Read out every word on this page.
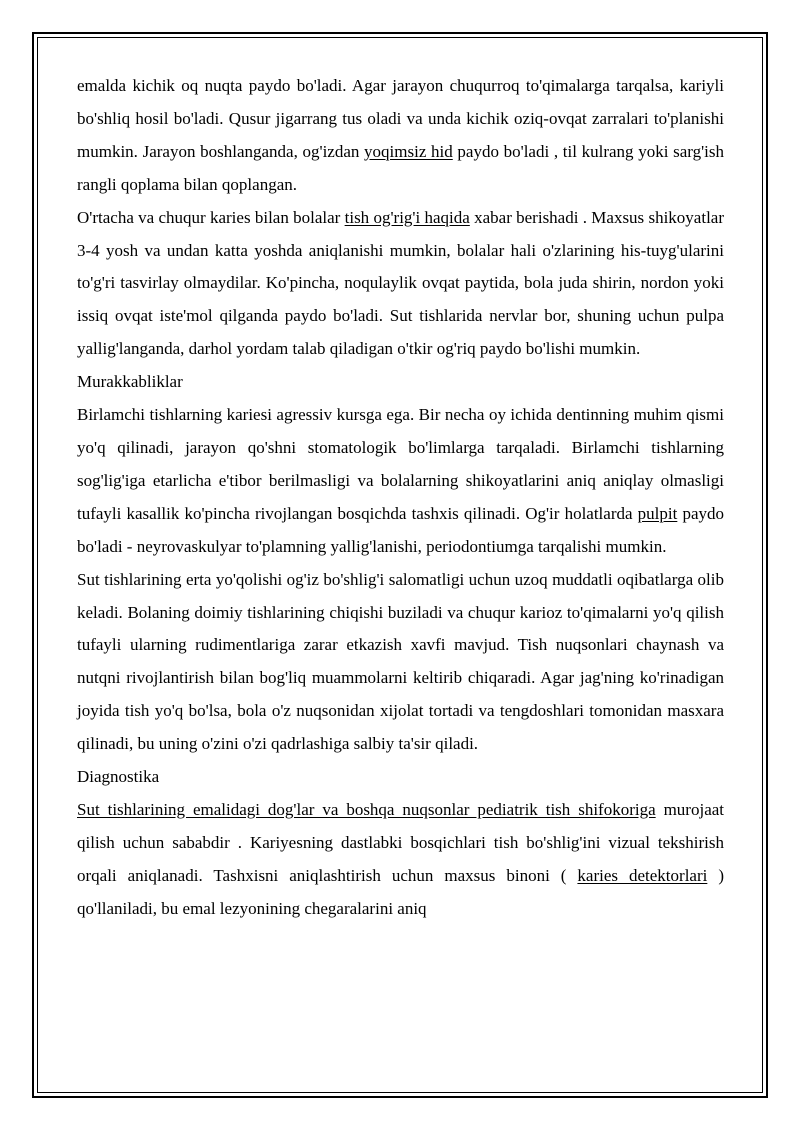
emalda kichik oq nuqta paydo bo'ladi. Agar jarayon chuqurroq to'qimalarga tarqalsa, kariyli bo'shliq hosil bo'ladi. Qusur jigarrang tus oladi va unda kichik oziq-ovqat zarralari to'planishi mumkin. Jarayon boshlanganda, og'izdan yoqimsiz hid paydo bo'ladi , til kulrang yoki sarg'ish rangli qoplama bilan qoplangan.

O'rtacha va chuqur karies bilan bolalar tish og'rig'i haqida xabar berishadi . Maxsus shikoyatlar 3-4 yosh va undan katta yoshda aniqlanishi mumkin, bolalar hali o'zlarining his-tuyg'ularini to'g'ri tasvirlay olmaydilar. Ko'pincha, noqulaylik ovqat paytida, bola juda shirin, nordon yoki issiq ovqat iste'mol qilganda paydo bo'ladi. Sut tishlarida nervlar bor, shuning uchun pulpa yallig'langanda, darhol yordam talab qiladigan o'tkir og'riq paydo bo'lishi mumkin.

Murakkabliklar

Birlamchi tishlarning kariesi agressiv kursga ega. Bir necha oy ichida dentinning muhim qismi yo'q qilinadi, jarayon qo'shni stomatologik bo'limlarga tarqaladi. Birlamchi tishlarning sog'lig'iga etarlicha e'tibor berilmasligi va bolalarning shikoyatlarini aniq aniqlay olmasligi tufayli kasallik ko'pincha rivojlangan bosqichda tashxis qilinadi. Og'ir holatlarda pulpit paydo bo'ladi - neyrovaskulyar to'plamning yallig'lanishi, periodontiumga tarqalishi mumkin.

Sut tishlarining erta yo'qolishi og'iz bo'shlig'i salomatligi uchun uzoq muddatli oqibatlarga olib keladi. Bolaning doimiy tishlarining chiqishi buziladi va chuqur karioz to'qimalarni yo'q qilish tufayli ularning rudimentlariga zarar etkazish xavfi mavjud. Tish nuqsonlari chaynash va nutqni rivojlantirish bilan bog'liq muammolarni keltirib chiqaradi. Agar jag'ning ko'rinadigan joyida tish yo'q bo'lsa, bola o'z nuqsonidan xijolat tortadi va tengdoshlari tomonidan masxara qilinadi, bu uning o'zini o'zi qadrlashiga salbiy ta'sir qiladi.

Diagnostika

Sut tishlarining emalidagi dog'lar va boshqa nuqsonlar pediatrik tish shifokoriga murojaat qilish uchun sababdir . Kariyesning dastlabki bosqichlari tish bo'shlig'ini vizual tekshirish orqali aniqlanadi. Tashxisni aniqlashtirish uchun maxsus binoni ( karies detektorlari ) qo'llaniladi, bu emal lezyonining chegaralarini aniq
